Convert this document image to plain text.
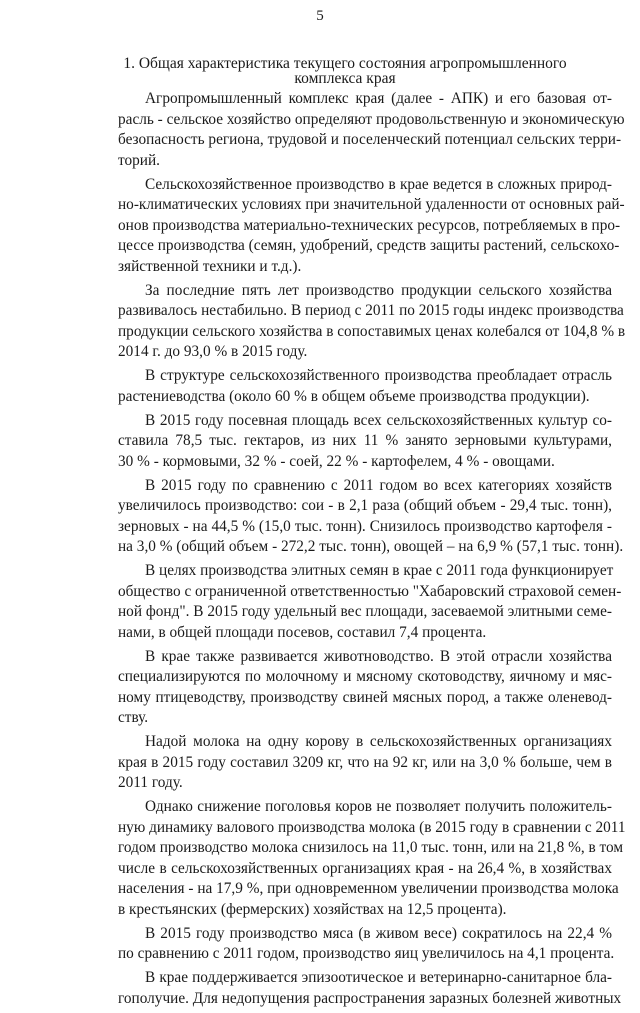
5
1. Общая характеристика текущего состояния агропромышленного
комплекса края
Агропромышленный комплекс края (далее - АПК) и его базовая от-
расль - сельское хозяйство определяют продовольственную и экономическую
безопасность региона, трудовой и поселенческий потенциал сельских терри-
торий.
Сельскохозяйственное производство в крае ведется в сложных природ-
но-климатических условиях при значительной удаленности от основных рай-
онов производства материально-технических ресурсов, потребляемых в про-
цессе производства (семян, удобрений, средств защиты растений, сельскохо-
зяйственной техники и т.д.).
За последние пять лет производство продукции сельского хозяйства
развивалось нестабильно. В период с 2011 по 2015 годы индекс производства
продукции сельского хозяйства в сопоставимых ценах колебался от 104,8 % в
2014 г. до 93,0 % в 2015 году.
В структуре сельскохозяйственного производства преобладает отрасль
растениеводства (около 60 % в общем объеме производства продукции).
В 2015 году посевная площадь всех сельскохозяйственных культур со-
ставила 78,5 тыс. гектаров, из них 11 % занято зерновыми культурами,
30 % - кормовыми, 32 % - соей, 22 % - картофелем, 4 % - овощами.
В 2015 году по сравнению с 2011 годом во всех категориях хозяйств
увеличилось производство: сои - в 2,1 раза (общий объем - 29,4 тыс. тонн),
зерновых - на 44,5 % (15,0 тыс. тонн). Снизилось производство картофеля -
на 3,0 % (общий объем - 272,2 тыс. тонн), овощей – на 6,9 % (57,1 тыс. тонн).
В целях производства элитных семян в крае с 2011 года функционирует
общество с ограниченной ответственностью "Хабаровский страховой семен-
ной фонд". В 2015 году удельный вес площади, засеваемой элитными семе-
нами, в общей площади посевов, составил 7,4 процента.
В крае также развивается животноводство. В этой отрасли хозяйства
специализируются по молочному и мясному скотоводству, яичному и мяс-
ному птицеводству, производству свиней мясных пород, а также оленевод-
ству.
Надой молока на одну корову в сельскохозяйственных организациях
края в 2015 году составил 3209 кг, что на 92 кг, или на 3,0 % больше, чем в
2011 году.
Однако снижение поголовья коров не позволяет получить положитель-
ную динамику валового производства молока (в 2015 году в сравнении с 2011
годом производство молока снизилось на 11,0 тыс. тонн, или на 21,8 %, в том
числе в сельскохозяйственных организациях края - на 26,4 %, в хозяйствах
населения - на 17,9 %, при одновременном увеличении производства молока
в крестьянских (фермерских) хозяйствах на 12,5 процента).
В 2015 году производство мяса (в живом весе) сократилось на 22,4 %
по сравнению с 2011 годом, производство яиц увеличилось на 4,1 процента.
В крае поддерживается эпизоотическое и ветеринарно-санитарное бла-
гополучие. Для недопущения распространения заразных болезней животных
